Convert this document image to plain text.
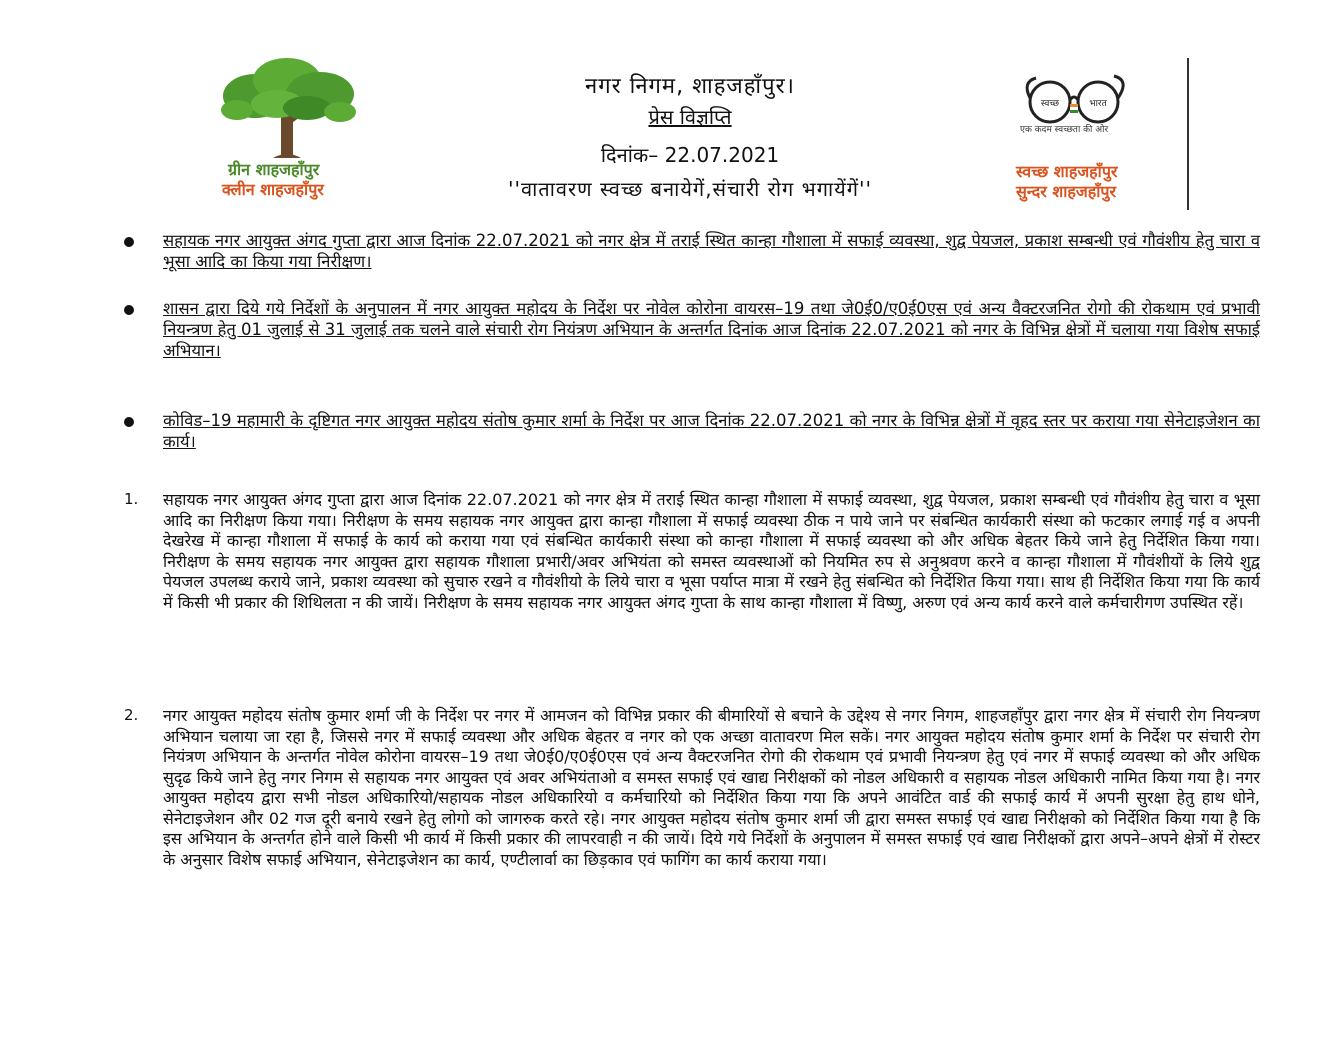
ग्रीन शाहजहाँपुर
क्लीन शाहजहाँपुर

नगर निगम, शाहजहाँपुर।

प्रेस विज्ञप्ति

दिनांक– 22.07.2021

''वातावरण स्वच्छ बनायेगें,संचारी रोग भगायेंगें''

स्वच्छ	भारत
एक कदम स्वच्छता की ओर
स्वच्छ शाहजहाँपुर
सुन्दर शाहजहाँपुर
सहायक नगर आयुक्त अंगद गुप्ता द्वारा आज दिनांक 22.07.2021 को नगर क्षेत्र में तराई स्थित कान्हा गौशाला में सफाई व्यवस्था, शुद्व पेयजल, प्रकाश सम्बन्धी एवं गौवंशीय हेतु चारा व भूसा आदि का किया गया निरीक्षण।
शासन द्वारा दिये गये निर्देशों के अनुपालन में नगर आयुक्त महोदय के निर्देश पर नोवेल कोरोना वायरस–19 तथा जे0ई0/ए0ई0एस एवं अन्य वैक्टरजनित रोगो की रोकथाम एवं प्रभावी नियन्त्रण हेतु 01 जुलाई से 31 जुलाई तक चलने वाले संचारी रोग नियंत्रण अभियान के अन्तर्गत दिनांक आज दिनांक 22.07.2021 को नगर के विभिन्न क्षेत्रों में चलाया गया विशेष सफाई अभियान।
कोविड–19 महामारी के दृष्टिगत नगर आयुक्त महोदय संतोष कुमार शर्मा के निर्देश पर आज दिनांक 22.07.2021 को नगर के विभिन्न क्षेत्रों में वृहद स्तर पर कराया गया सेनेटाइजेशन का कार्य।
1. सहायक नगर आयुक्त अंगद गुप्ता द्वारा आज दिनांक 22.07.2021 को नगर क्षेत्र में तराई स्थित कान्हा गौशाला में सफाई व्यवस्था, शुद्व पेयजल, प्रकाश सम्बन्धी एवं गौवंशीय हेतु चारा व भूसा आदि का निरीक्षण किया गया। निरीक्षण के समय सहायक नगर आयुक्त द्वारा कान्हा गौशाला में सफाई व्यवस्था ठीक न पाये जाने पर संबन्धित कार्यकारी संस्था को फटकार लगाई गई व अपनी देखरेख में कान्हा गौशाला में सफाई के कार्य को कराया गया एवं संबन्धित कार्यकारी संस्था को कान्हा गौशाला में सफाई व्यवस्था को और अधिक बेहतर किये जाने हेतु निर्देशित किया गया। निरीक्षण के समय सहायक नगर आयुक्त द्वारा सहायक गौशाला प्रभारी/अवर अभियंता को समस्त व्यवस्थाओं को नियमित रुप से अनुश्रवण करने व कान्हा गौशाला में गौवंशीयों के लिये शुद्व पेयजल उपलब्ध कराये जाने, प्रकाश व्यवस्था को सुचारु रखने व गौवंशीयो के लिये चारा व भूसा पर्याप्त मात्रा में रखने हेतु संबन्धित को निर्देशित किया गया। साथ ही निर्देशित किया गया कि कार्य में किसी भी प्रकार की शिथिलता न की जायें। निरीक्षण के समय सहायक नगर आयुक्त अंगद गुप्ता के साथ कान्हा गौशाला में विष्णु, अरुण एवं अन्य कार्य करने वाले कर्मचारीगण उपस्थित रहें।
2. नगर आयुक्त महोदय संतोष कुमार शर्मा जी के निर्देश पर नगर में आमजन को विभिन्न प्रकार की बीमारियों से बचाने के उद्देश्य से नगर निगम, शाहजहाँपुर द्वारा नगर क्षेत्र में संचारी रोग नियन्त्रण अभियान चलाया जा रहा है, जिससे नगर में सफाई व्यवस्था और अधिक बेहतर व नगर को एक अच्छा वातावरण मिल सकें। नगर आयुक्त महोदय संतोष कुमार शर्मा के निर्देश पर संचारी रोग नियंत्रण अभियान के अन्तर्गत नोवेल कोरोना वायरस–19 तथा जे0ई0/ए0ई0एस एवं अन्य वैक्टरजनित रोगो की रोकथाम एवं प्रभावी नियन्त्रण हेतु एवं नगर में सफाई व्यवस्था को और अधिक सुदृढ किये जाने हेतु नगर निगम से सहायक नगर आयुक्त एवं अवर अभियंताओ व समस्त सफाई एवं खाद्य निरीक्षकों को नोडल अधिकारी व सहायक नोडल अधिकारी नामित किया गया है। नगर आयुक्त महोदय द्वारा सभी नोडल अधिकारियो/सहायक नोडल अधिकारियो व कर्मचारियो को निर्देशित किया गया कि अपने आवंटित वार्ड की सफाई कार्य में अपनी सुरक्षा हेतु हाथ धोने, सेनेटाइजेशन और 02 गज दूरी बनाये रखने हेतु लोगो को जागरुक करते रहे। नगर आयुक्त महोदय संतोष कुमार शर्मा जी द्वारा समस्त सफाई एवं खाद्य निरीक्षको को निर्देशित किया गया है कि इस अभियान के अन्तर्गत होने वाले किसी भी कार्य में किसी प्रकार की लापरवाही न की जायें। दिये गये निर्देशों के अनुपालन में समस्त सफाई एवं खाद्य निरीक्षकों द्वारा अपने–अपने क्षेत्रों में रोस्टर के अनुसार विशेष सफाई अभियान, सेनेटाइजेशन का कार्य, एण्टीलार्वा का छिड़काव एवं फागिंग का कार्य कराया गया।
